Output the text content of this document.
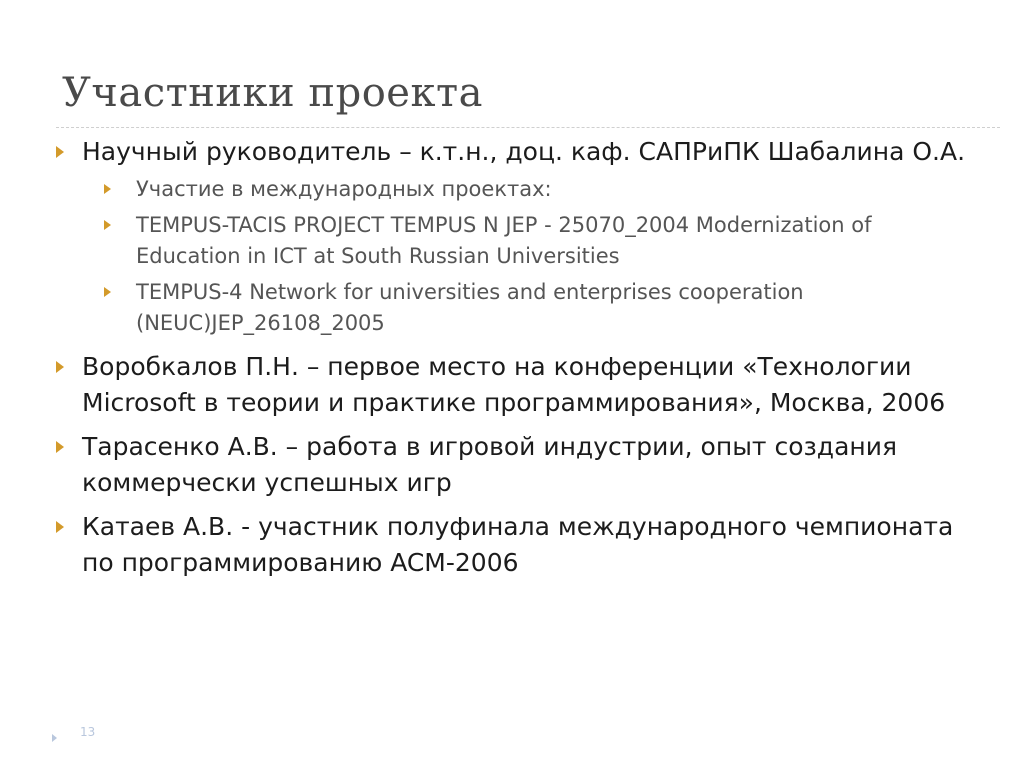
Участники проекта
Научный руководитель – к.т.н., доц. каф. САПРиПК Шабалина О.А.
Участие в международных проектах:
TEMPUS-TACIS PROJECT TEMPUS N JEP - 25070_2004 Modernization of Education in ICT at South Russian Universities
TEMPUS-4 Network for universities and enterprises cooperation (NEUC)JEP_26108_2005
Воробкалов П.Н. – первое место на конференции «Технологии Microsoft в теории и практике программирования», Москва, 2006
Тарасенко А.В. – работа в игровой индустрии, опыт создания коммерчески успешных игр
Катаев А.В. - участник полуфинала международного чемпионата по программированию ACM-2006
13
